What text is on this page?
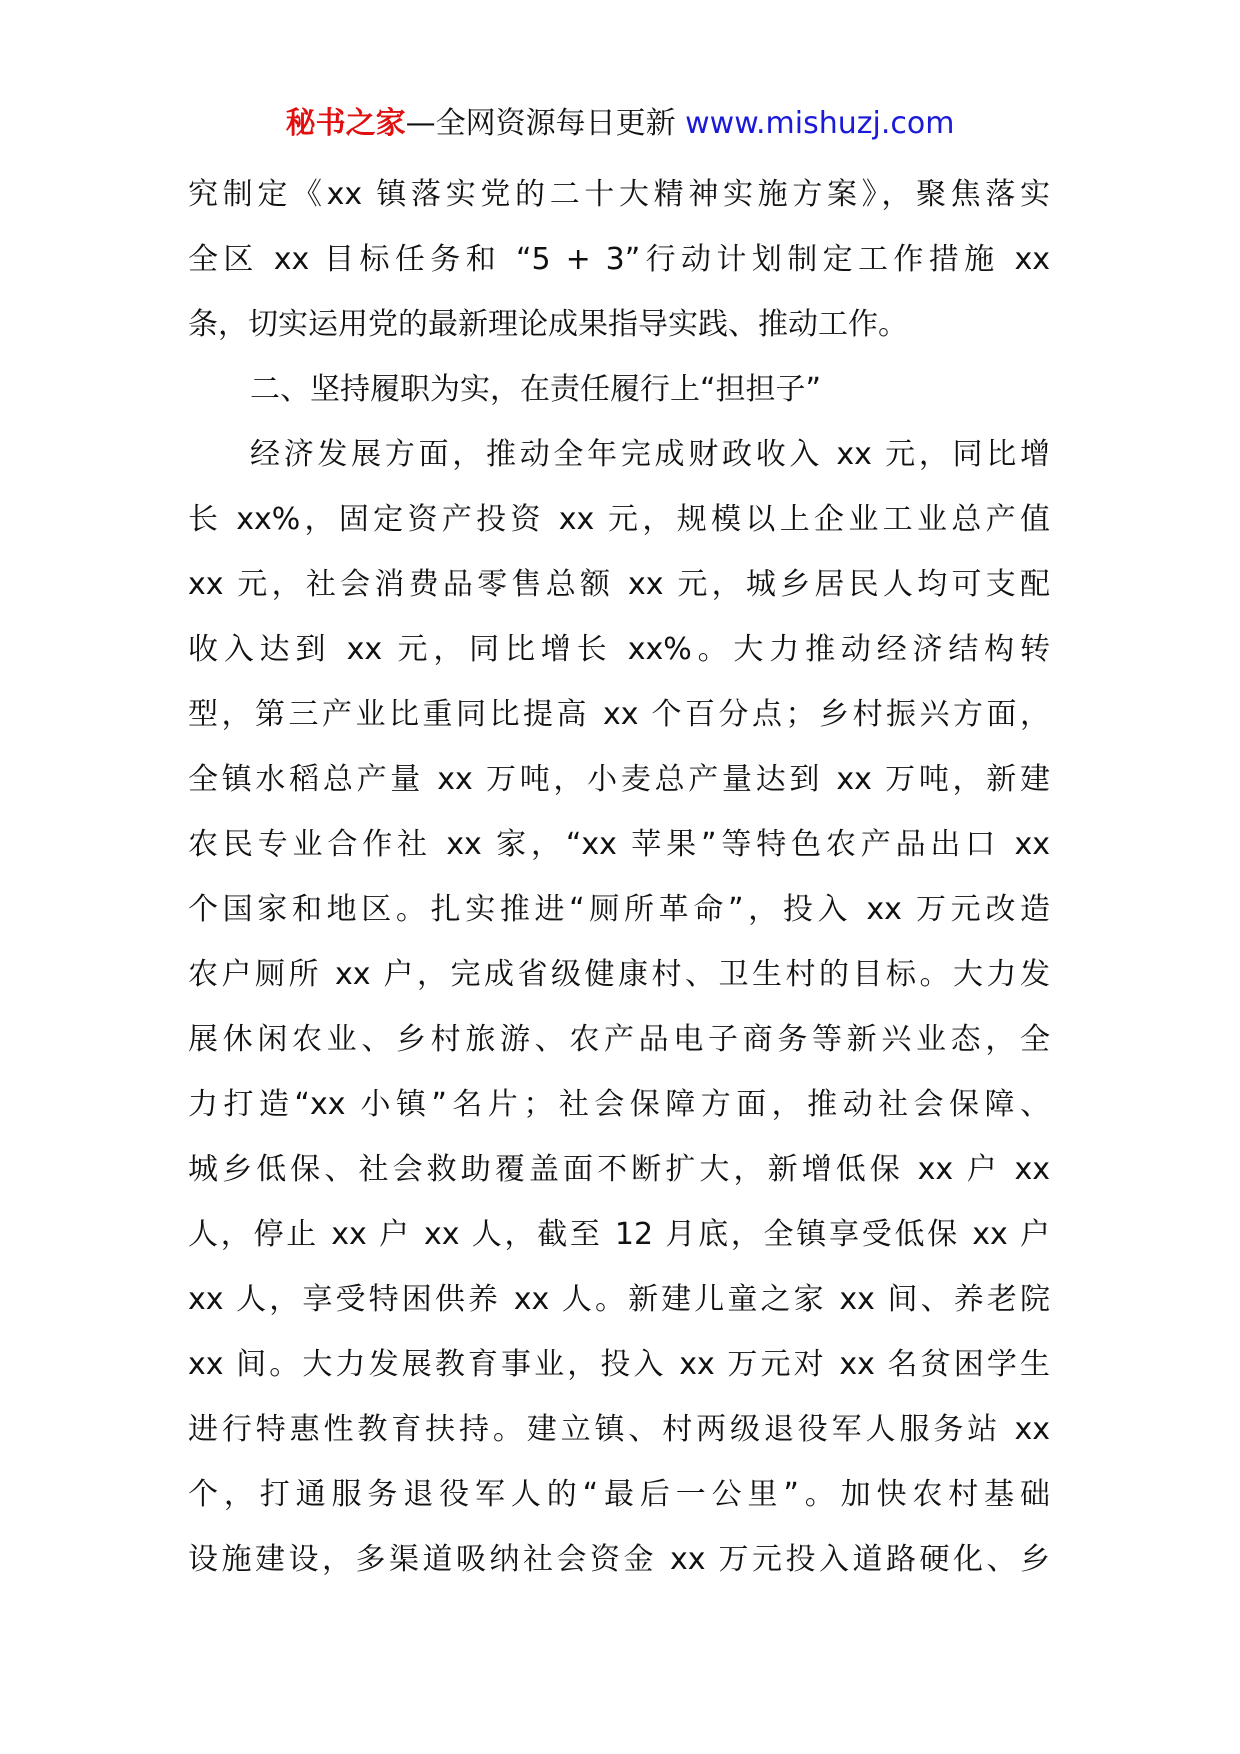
秘书之家—全网资源每日更新 www.mishuzj.com
究制定《xx 镇落实党的二十大精神实施方案》，聚焦落实
全区 xx 目标任务和 “5 + 3”行动计划制定工作措施 xx
条，切实运用党的最新理论成果指导实践、推动工作。
二、坚持履职为实，在责任履行上“担担子”
经济发展方面，推动全年完成财政收入 xx 元，同比增
长 xx%，固定资产投资 xx 元，规模以上企业工业总产值
xx 元，社会消费品零售总额 xx 元，城乡居民人均可支配
收入达到 xx 元，同比增长 xx%。大力推动经济结构转
型，第三产业比重同比提高 xx 个百分点；乡村振兴方面，
全镇水稻总产量 xx 万吨，小麦总产量达到 xx 万吨，新建
农民专业合作社 xx 家，“xx 苹果”等特色农产品出口 xx
个国家和地区。扎实推进“厕所革命”，投入 xx 万元改造
农户厕所 xx 户，完成省级健康村、卫生村的目标。大力发
展休闲农业、乡村旅游、农产品电子商务等新兴业态，全
力打造“xx 小镇”名片；社会保障方面，推动社会保障、
城乡低保、社会救助覆盖面不断扩大，新增低保 xx 户 xx
人，停止 xx 户 xx 人，截至 12 月底，全镇享受低保 xx 户
xx 人，享受特困供养 xx 人。新建儿童之家 xx 间、养老院
xx 间。大力发展教育事业，投入 xx 万元对 xx 名贫困学生
进行特惠性教育扶持。建立镇、村两级退役军人服务站 xx
个，打通服务退役军人的“最后一公里”。加快农村基础
设施建设，多渠道吸纳社会资金 xx 万元投入道路硬化、乡
